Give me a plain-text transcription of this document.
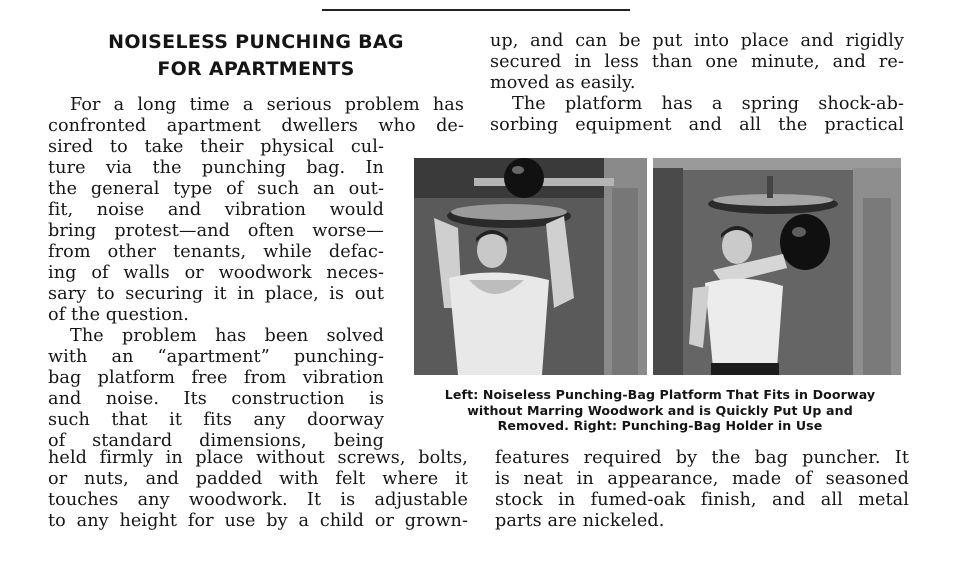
NOISELESS PUNCHING BAG
FOR APARTMENTS
For a long time a serious problem has
confronted apartment dwellers who de-
sired to take their physical cul-
ture via the punching bag. In
the general type of such an out-
fit, noise and vibration would
bring protest—and often worse—
from other tenants, while defac-
ing of walls or woodwork neces-
sary to securing it in place, is out
of the question.
The problem has been solved
with an “apartment” punching-
bag platform free from vibration
and noise. Its construction is
such that it fits any doorway
of standard dimensions, being
held firmly in place without screws, bolts,
or nuts, and padded with felt where it
touches any woodwork. It is adjustable
to any height for use by a child or grown-
up, and can be put into place and rigidly
secured in less than one minute, and re-
moved as easily.
The platform has a spring shock-ab-
sorbing equipment and all the practical
features required by the bag puncher. It
is neat in appearance, made of seasoned
stock in fumed-oak finish, and all metal
parts are nickeled.

Left: Noiseless Punching-Bag Platform That Fits in Doorway
without Marring Woodwork and is Quickly Put Up and
Removed. Right: Punching-Bag Holder in Use
